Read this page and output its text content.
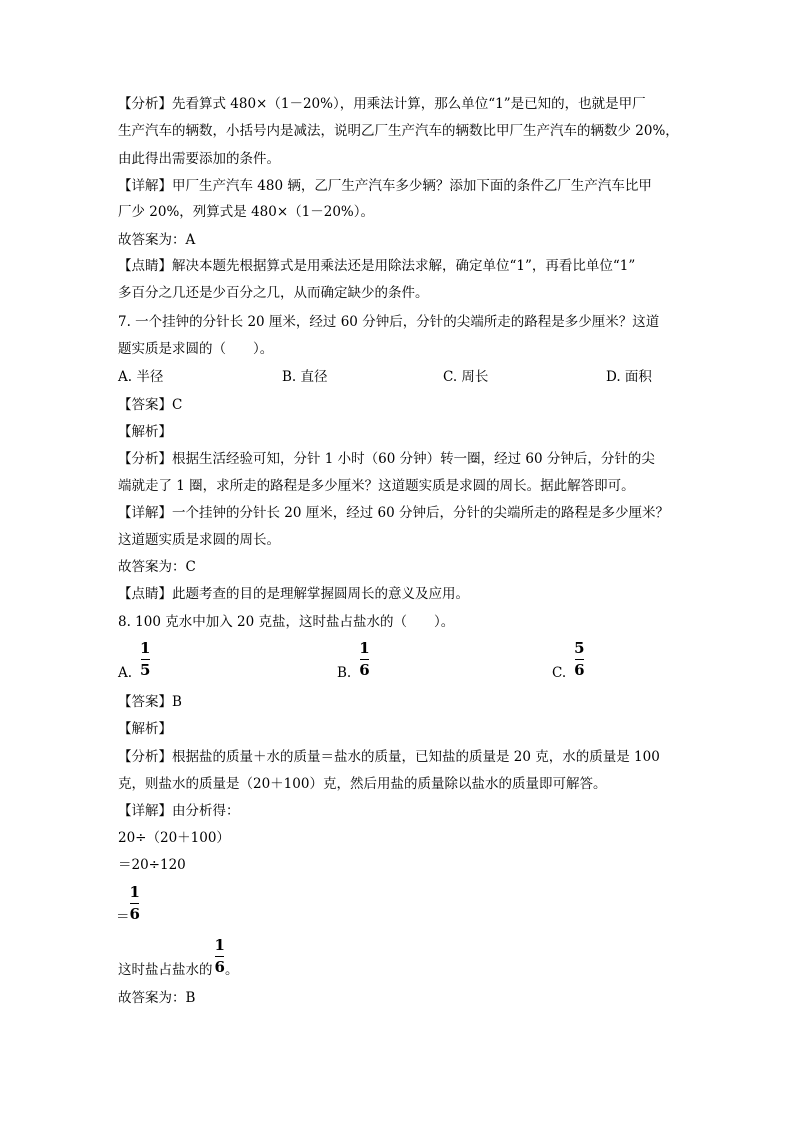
【分析】先看算式 480×（1－20%），用乘法计算，那么单位“1”是已知的，也就是甲厂
生产汽车的辆数，小括号内是减法，说明乙厂生产汽车的辆数比甲厂生产汽车的辆数少 20%，
由此得出需要添加的条件。
【详解】甲厂生产汽车 480 辆，乙厂生产汽车多少辆？添加下面的条件乙厂生产汽车比甲
厂少 20%，列算式是 480×（1－20%）。
故答案为：A
【点睛】解决本题先根据算式是用乘法还是用除法求解，确定单位“1”，再看比单位“1”
多百分之几还是少百分之几，从而确定缺少的条件。
7. 一个挂钟的分针长 20 厘米，经过 60 分钟后，分针的尖端所走的路程是多少厘米？这道
题实质是求圆的（　　）。
A. 半径	B. 直径	C. 周长	D. 面积
【答案】C
【解析】
【分析】根据生活经验可知，分针 1 小时（60 分钟）转一圈，经过 60 分钟后，分针的尖
端就走了 1 圈，求所走的路程是多少厘米？这道题实质是求圆的周长。据此解答即可。
【详解】一个挂钟的分针长 20 厘米，经过 60 分钟后，分针的尖端所走的路程是多少厘米？
这道题实质是求圆的周长。
故答案为：C
【点睛】此题考查的目的是理解掌握圆周长的意义及应用。
8. 100 克水中加入 20 克盐，这时盐占盐水的（　　）。
A. $\frac{1}{5}$	B. $\frac{1}{6}$	C. $\frac{5}{6}$
【答案】B
【解析】
【分析】根据盐的质量＋水的质量＝盐水的质量，已知盐的质量是 20 克，水的质量是 100
克，则盐水的质量是（20＋100）克，然后用盐的质量除以盐水的质量即可解答。
【详解】由分析得：
20÷（20＋100）
＝20÷120
＝ $\frac{1}{6}$
这时盐占盐水的 $\frac{1}{6}$ 。
故答案为：B
